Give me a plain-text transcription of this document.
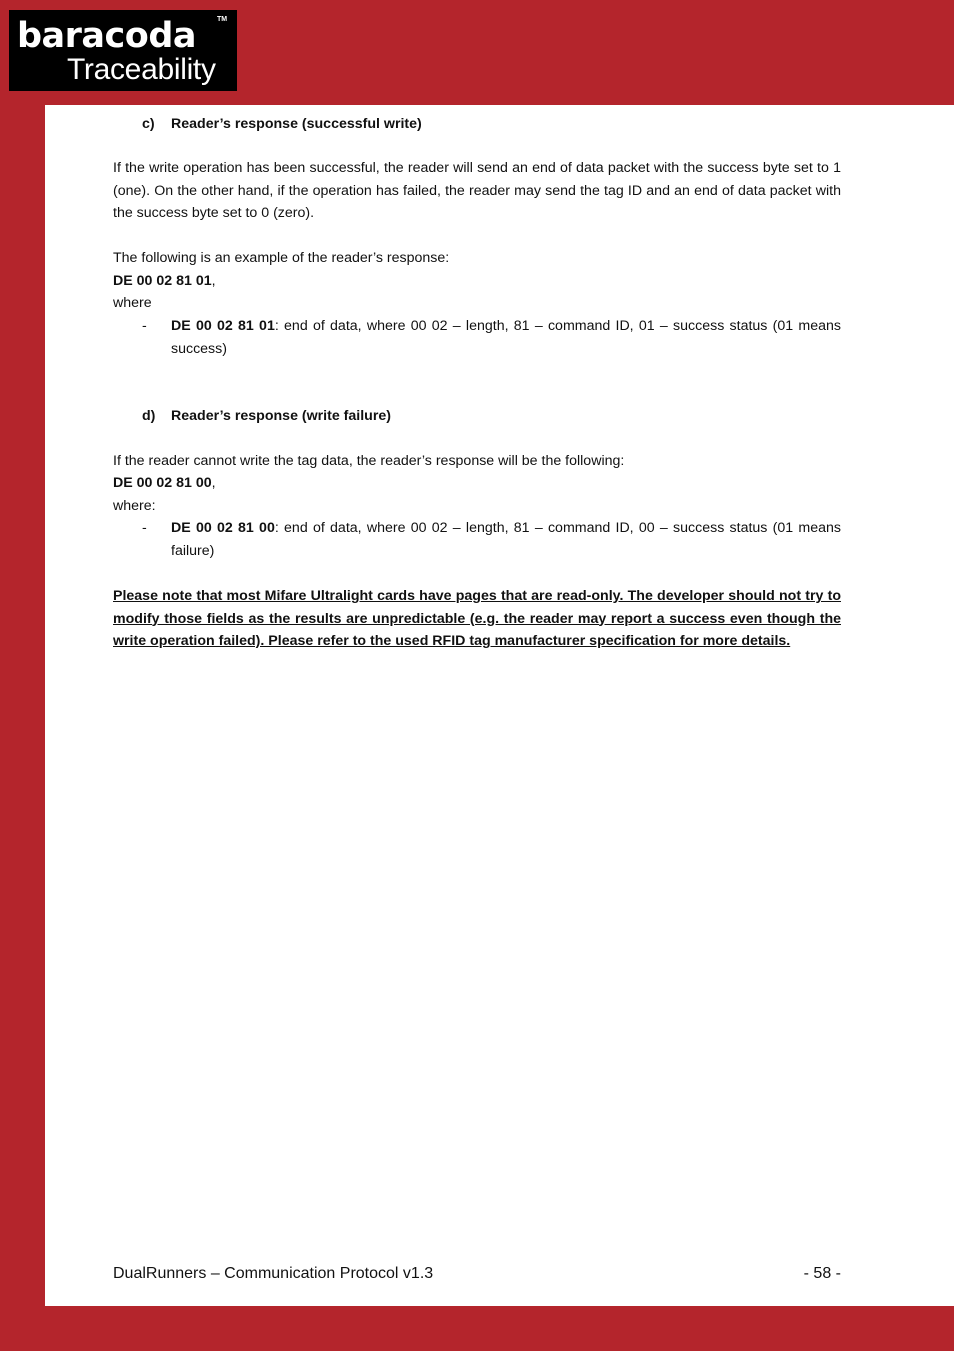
baracoda	TM
Traceability
c) Reader’s response (successful write)

If the write operation has been successful, the reader will send an end of data packet with the success byte set to 1 (one). On the other hand, if the operation has failed, the reader may send the tag ID and an end of data packet with the success byte set to 0 (zero).

The following is an example of the reader’s response:
DE 00 02 81 01,
where
- DE 00 02 81 01: end of data, where 00 02 – length, 81 – command ID, 01 – success status (01 means success)
d) Reader’s response (write failure)
If the reader cannot write the tag data, the reader’s response will be the following:
DE 00 02 81 00,
where:
- DE 00 02 81 00: end of data, where 00 02 – length, 81 – command ID, 00 – success status (01 means failure)

Please note that most Mifare Ultralight cards have pages that are read-only. The developer should not try to modify those fields as the results are unpredictable (e.g. the reader may report a success even though the write operation failed). Please refer to the used RFID tag manufacturer specification for more details.

DualRunners – Communication Protocol v1.3	- 58 -
